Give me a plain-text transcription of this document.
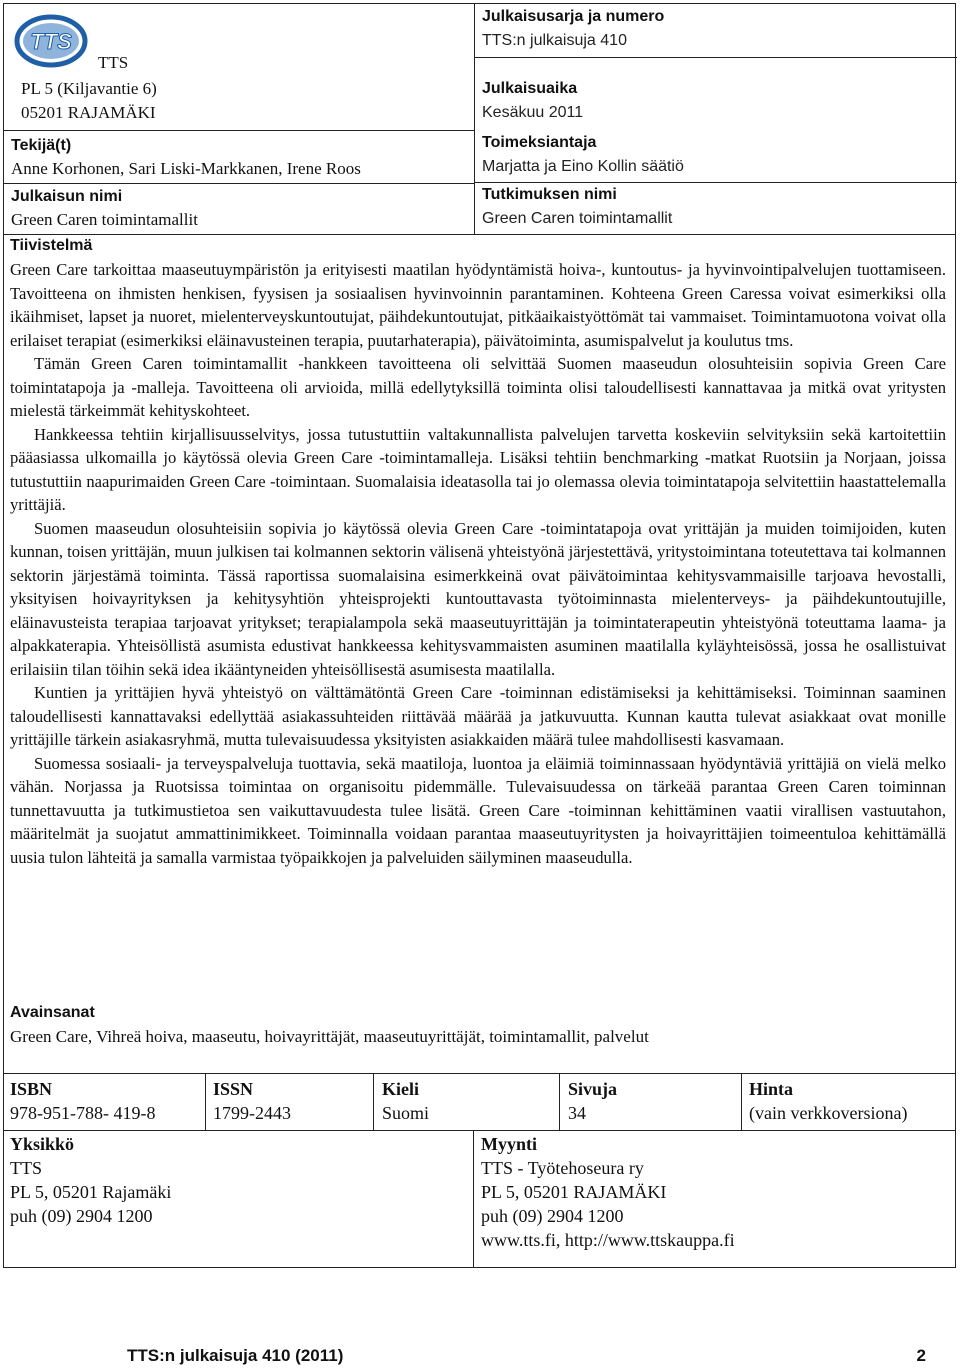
TTS
TTS
PL 5 (Kiljavantie 6)
05201 RAJAMÄKI
Tekijä(t)
Anne Korhonen, Sari Liski-Markkanen, Irene Roos
Julkaisun nimi
Green Caren toimintamallit
Julkaisusarja ja numero
TTS:n julkaisuja 410
Julkaisuaika
Kesäkuu 2011
Toimeksiantaja
Marjatta ja Eino Kollin säätiö
Tutkimuksen nimi
Green Caren toimintamallit
Tiivistelmä

Green Care tarkoittaa maaseutuympäristön ja erityisesti maatilan hyödyntämistä hoiva-, kuntoutus- ja hyvinvointipalvelujen tuottamiseen. Tavoitteena on ihmisten henkisen, fyysisen ja sosiaalisen hyvinvoinnin parantaminen. Kohteena Green Caressa voivat esimerkiksi olla ikäihmiset, lapset ja nuoret, mielenterveyskuntoutujat, päihdekuntoutujat, pitkäaikaistyöttömät tai vammaiset. Toimintamuotona voivat olla erilaiset terapiat (esimerkiksi eläinavusteinen terapia, puutarhaterapia), päivätoiminta, asumispalvelut ja koulutus tms.

Tämän Green Caren toimintamallit -hankkeen tavoitteena oli selvittää Suomen maaseudun olosuhteisiin sopivia Green Care toimintatapoja ja -malleja. Tavoitteena oli arvioida, millä edellytyksillä toiminta olisi taloudellisesti kannattavaa ja mitkä ovat yritysten mielestä tärkeimmät kehityskohteet.

Hankkeessa tehtiin kirjallisuusselvitys, jossa tutustuttiin valtakunnallista palvelujen tarvetta koskeviin selvityksiin sekä kartoitettiin pääasiassa ulkomailla jo käytössä olevia Green Care -toimintamalleja. Lisäksi tehtiin benchmarking -matkat Ruotsiin ja Norjaan, joissa tutustuttiin naapurimaiden Green Care -toimintaan. Suomalaisia ideatasolla tai jo olemassa olevia toimintatapoja selvitettiin haastattelemalla yrittäjiä.

Suomen maaseudun olosuhteisiin sopivia jo käytössä olevia Green Care -toimintatapoja ovat yrittäjän ja muiden toimijoiden, kuten kunnan, toisen yrittäjän, muun julkisen tai kolmannen sektorin välisenä yhteistyönä järjestettävä, yritystoimintana toteutettava tai kolmannen sektorin järjestämä toiminta. Tässä raportissa suomalaisina esimerkkeinä ovat päivätoimintaa kehitysvammaisille tarjoava hevostalli, yksityisen hoivayrityksen ja kehitysyhtiön yhteisprojekti kuntouttavasta työtoiminnasta mielenterveys- ja päihdekuntoutujille, eläinavusteista terapiaa tarjoavat yritykset; terapialampola sekä maaseutuyrittäjän ja toimintaterapeutin yhteistyönä toteuttama laama- ja alpakkaterapia. Yhteisöllistä asumista edustivat hankkeessa kehitysvammaisten asuminen maatilalla kyläyhteisössä, jossa he osallistuivat erilaisiin tilan töihin sekä idea ikääntyneiden yhteisöllisestä asumisesta maatilalla.

Kuntien ja yrittäjien hyvä yhteistyö on välttämätöntä Green Care -toiminnan edistämiseksi ja kehittämiseksi. Toiminnan saaminen taloudellisesti kannattavaksi edellyttää asiakassuhteiden riittävää määrää ja jatkuvuutta. Kunnan kautta tulevat asiakkaat ovat monille yrittäjille tärkein asiakasryhmä, mutta tulevaisuudessa yksityisten asiakkaiden määrä tulee mahdollisesti kasvamaan.

Suomessa sosiaali- ja terveyspalveluja tuottavia, sekä maatiloja, luontoa ja eläimiä toiminnassaan hyödyntäviä yrittäjiä on vielä melko vähän. Norjassa ja Ruotsissa toimintaa on organisoitu pidemmälle. Tulevaisuudessa on tärkeää parantaa Green Caren toiminnan tunnettavuutta ja tutkimustietoa sen vaikuttavuudesta tulee lisätä. Green Care -toiminnan kehittäminen vaatii virallisen vastuutahon, määritelmät ja suojatut ammattinimikkeet. Toiminnalla voidaan parantaa maaseutuyritysten ja hoivayrittäjien toimeentuloa kehittämällä uusia tulon lähteitä ja samalla varmistaa työpaikkojen ja palveluiden säilyminen maaseudulla.

Avainsanat
Green Care, Vihreä hoiva, maaseutu, hoivayrittäjät, maaseutuyrittäjät, toimintamallit, palvelut
ISBN
978-951-788- 419-8
ISSN
1799-2443
Kieli
Suomi
Sivuja
34
Hinta
(vain verkkoversiona)
Yksikkö
TTS
PL 5, 05201 Rajamäki
puh (09) 2904 1200
Myynti
TTS - Työtehoseura ry
PL 5, 05201 RAJAMÄKI
puh (09) 2904 1200
www.tts.fi, http://www.ttskauppa.fi
TTS:n julkaisuja 410 (2011)	2
